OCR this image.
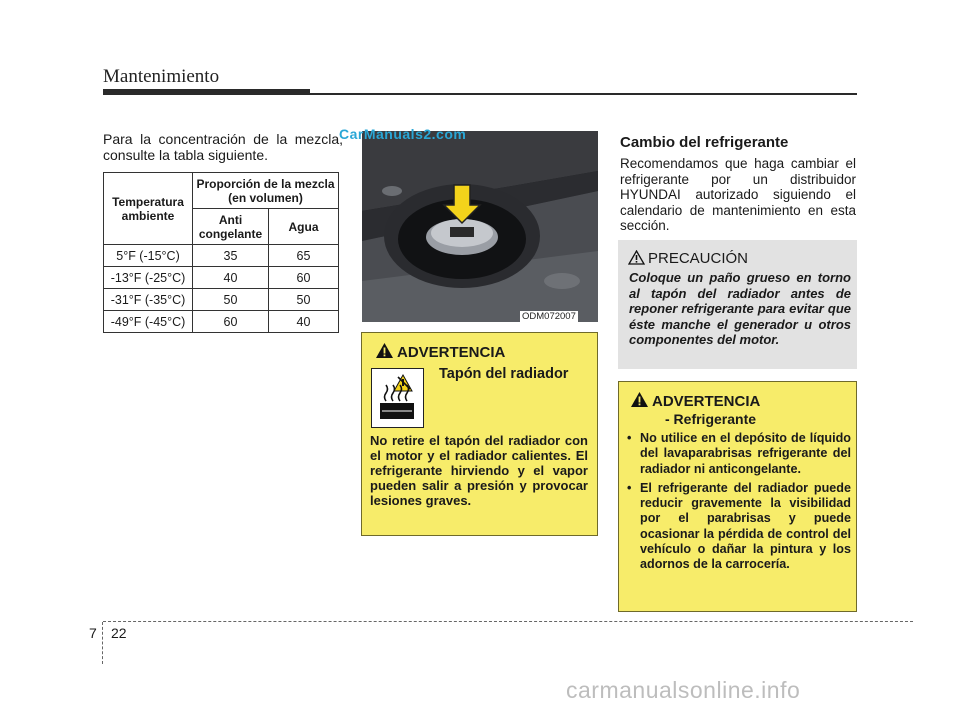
Mantenimiento
Para la concentración de la mezcla, consulte la tabla siguiente.
Temperatura ambiente	Proporción de la mezcla (en volumen)	
	Anti congelante	Agua
5°F (-15°C)	35	65
-13°F (-25°C)	40	60
-31°F (-35°C)	50	50
-49°F (-45°C)	60	40	ODM072007
CarManuals2.com
ADVERTENCIA
Tapón del radiador
No retire el tapón del radiador con el motor y el radiador calientes. El refrigerante hirviendo y el vapor pueden salir a presión y provocar lesiones graves.
Cambio del refrigerante
Recomendamos que haga cambiar el refrigerante por un distribuidor HYUNDAI autorizado siguiendo el calendario de mantenimiento en esta sección.
PRECAUCIÓN
Coloque un paño grueso en torno al tapón del radiador antes de reponer refrigerante para evitar que éste manche el generador u otros componentes del motor.
ADVERTENCIA
- Refrigerante
• No utilice en el depósito de líquido del lavaparabrisas refrigerante del radiador ni anticongelante.
• El refrigerante del radiador puede reducir gravemente la visibilidad por el parabrisas y puede ocasionar la pérdida de control del vehículo o dañar la pintura y los adornos de la carrocería.
7 22
carmanualsonline.info
